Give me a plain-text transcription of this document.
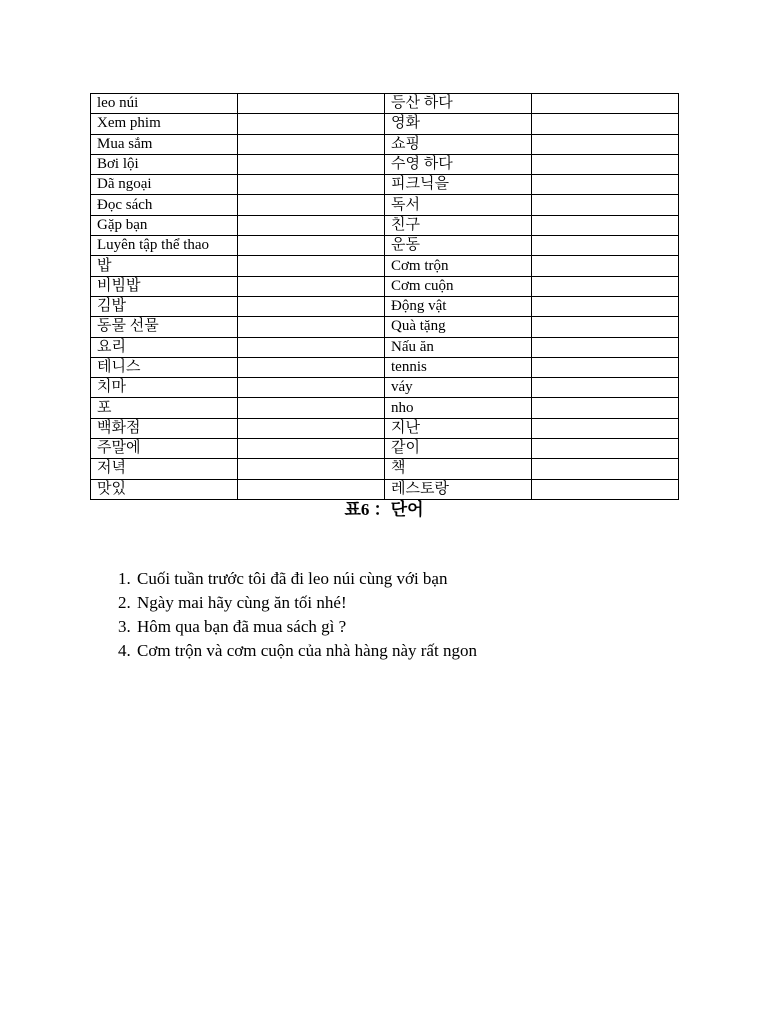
leo núi		등산 하다	
Xem phim		영화	
Mua sắm		쇼핑	
Bơi lội		수영 하다	
Dã ngoại		피크닉을	
Đọc sách		독서	
Gặp bạn		친구	
Luyên tập thể thao		운동	
밥		Cơm trộn	
비빔밥		Cơm cuộn	
김밥		Động vật	
동물 선물		Quà tặng	
요리		Nấu ăn	
테니스		tennis	
치마		váy	
포		nho	
백화점		지난	
주말에		같이	
저녁		책	
맛있		레스토랑	
표6 ：단어
1. Cuối tuần trước tôi đã đi leo núi cùng với bạn
2. Ngày mai hãy cùng ăn tối nhé!
3. Hôm qua bạn đã mua sách gì ?
4. Cơm trộn và cơm cuộn của nhà hàng này rất ngon
